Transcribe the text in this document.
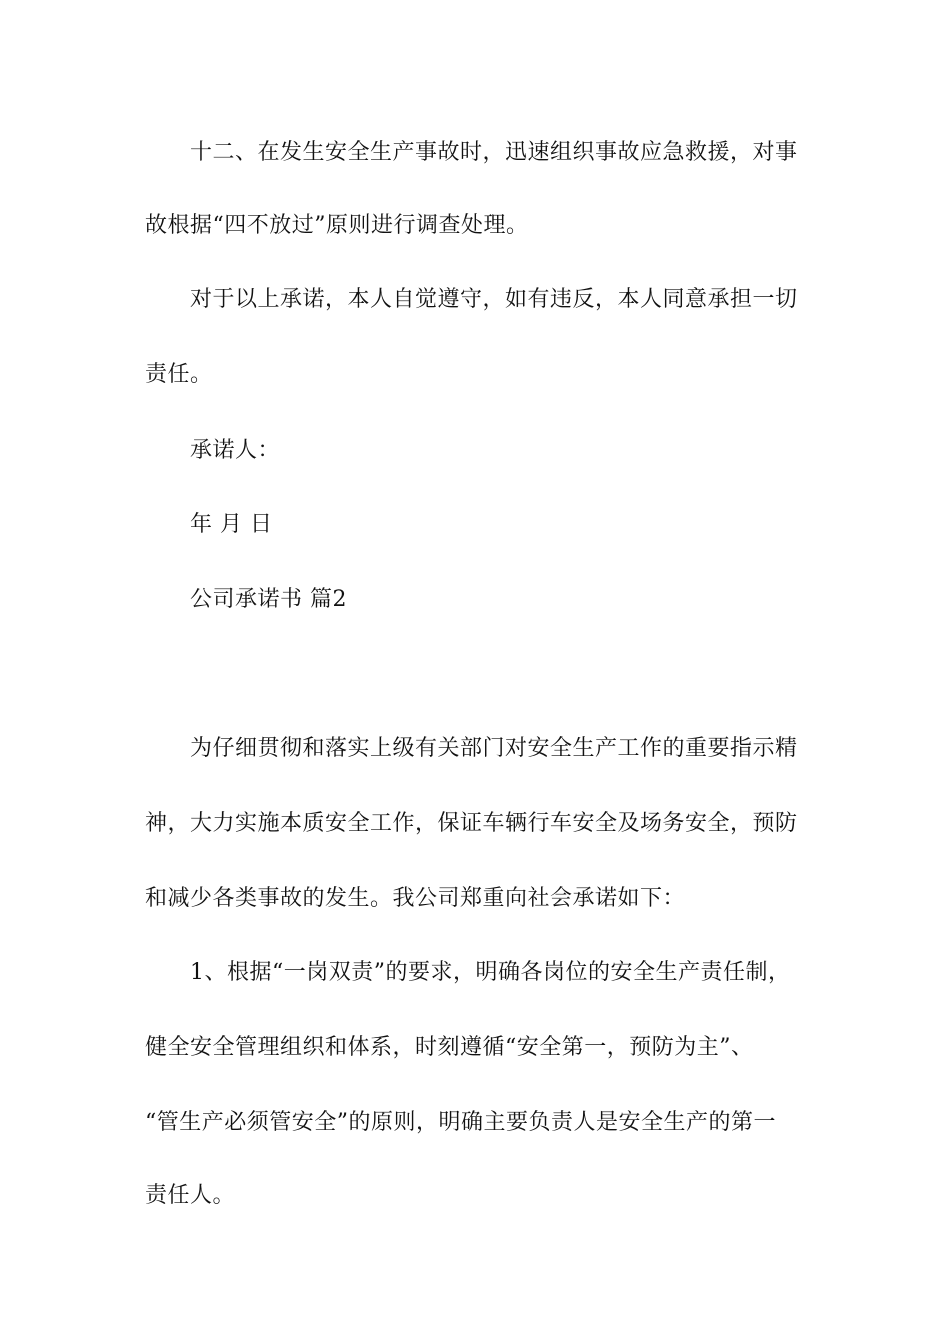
十二、在发生安全生产事故时，迅速组织事故应急救援，对事
故根据“四不放过”原则进行调查处理。
对于以上承诺，本人自觉遵守，如有违反，本人同意承担一切
责任。
承诺人：
年 月 日
公司承诺书 篇2
为仔细贯彻和落实上级有关部门对安全生产工作的重要指示精
神，大力实施本质安全工作，保证车辆行车安全及场务安全，预防
和减少各类事故的发生。我公司郑重向社会承诺如下：
1、根据“一岗双责”的要求，明确各岗位的安全生产责任制，
健全安全管理组织和体系，时刻遵循“安全第一，预防为主”、
“管生产必须管安全”的原则，明确主要负责人是安全生产的第一
责任人。
